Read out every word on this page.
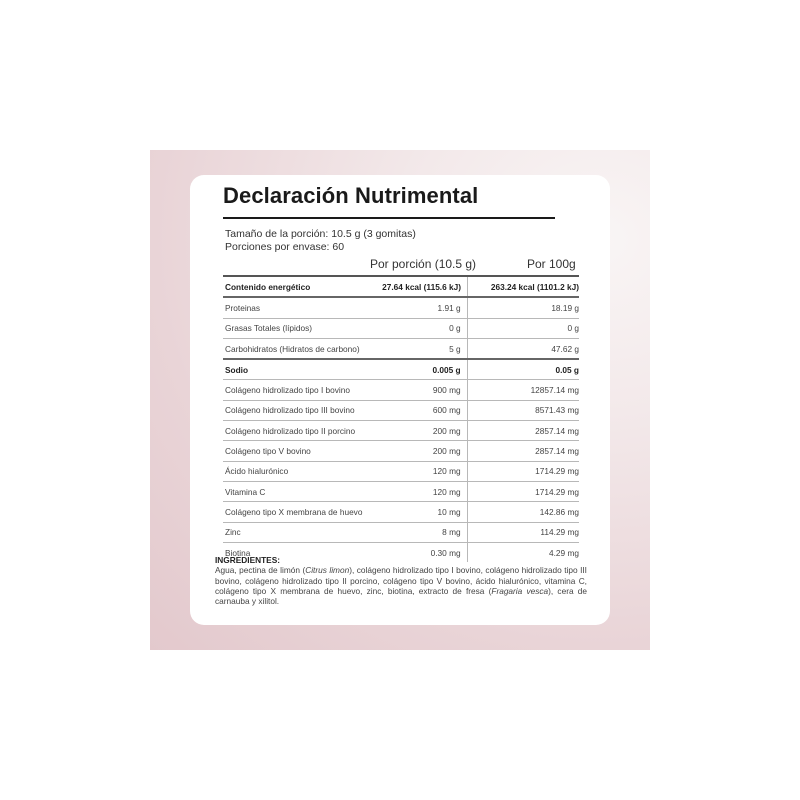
Declaración Nutrimental
Tamaño de la porción: 10.5 g (3 gomitas)
Porciones por envase: 60
Por porción (10.5 g)	Por 100g
Contenido energético	27.64 kcal (115.6 kJ)	263.24 kcal (1101.2 kJ)
Proteinas	1.91 g	18.19 g
Grasas Totales (lípidos)	0 g	0 g
Carbohidratos (Hidratos de carbono)	5 g	47.62 g
Sodio	0.005 g	0.05 g
Colágeno hidrolizado tipo I bovino	900 mg	12857.14 mg
Colágeno hidrolizado tipo III bovino	600 mg	8571.43 mg
Colágeno hidrolizado tipo II porcino	200 mg	2857.14 mg
Colágeno tipo V bovino	200 mg	2857.14 mg
Ácido hialurónico	120 mg	1714.29 mg
Vitamina C	120 mg	1714.29 mg
Colágeno tipo X membrana de huevo	10 mg	142.86 mg
Zinc	8 mg	114.29 mg
Biotina	0.30 mg	4.29 mg
INGREDIENTES:
Agua, pectina de limón (Citrus limon), colágeno hidrolizado tipo I bovino, colágeno hidrolizado tipo III bovino, colágeno hidrolizado tipo II porcino, colágeno tipo V bovino, ácido hialurónico, vitamina C, colágeno tipo X membrana de huevo, zinc, biotina, extracto de fresa (Fragaria vesca), cera de carnauba y xilitol.
